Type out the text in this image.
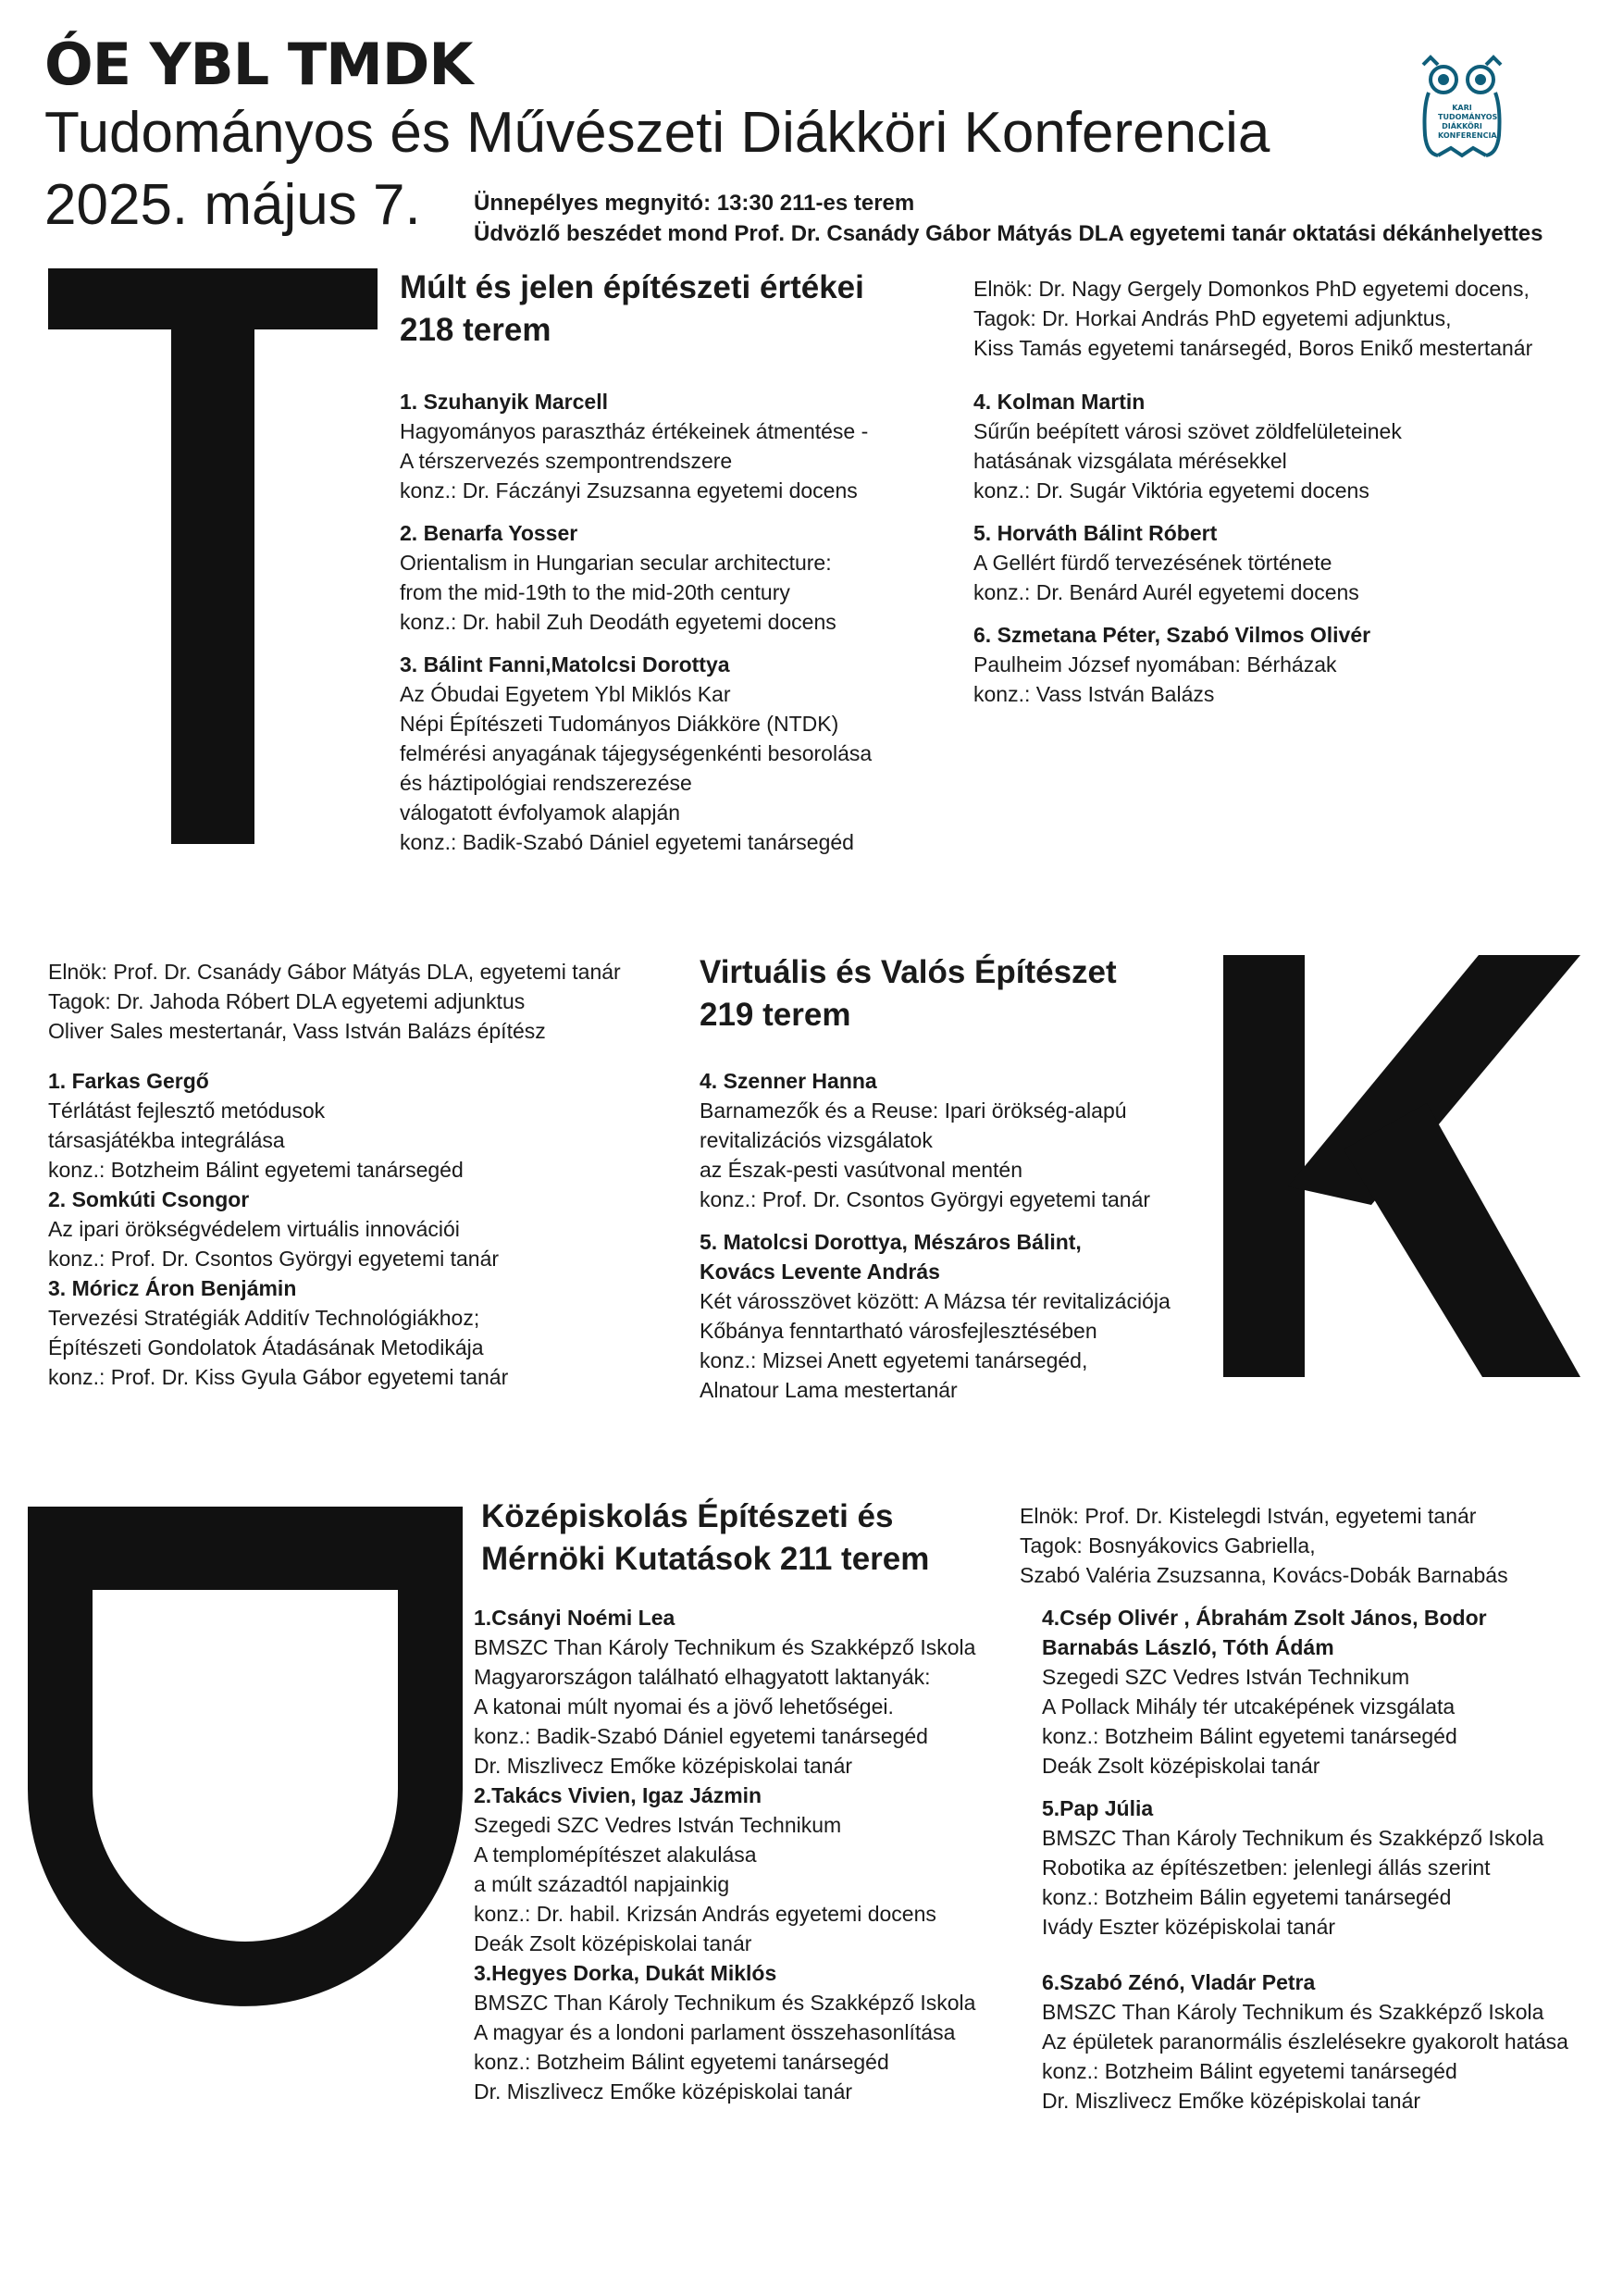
ÓE YBL TMDK
Tudományos és Művészeti Diákköri Konferencia
2025. május 7. Ünnepélyes megnyitó: 13:30 211-es terem
Üdvözlő beszédet mond Prof. Dr. Csanády Gábor Mátyás DLA egyetemi tanár oktatási dékánhelyettes
KARI
TUDOMÁNYOS
DIÁKKÖRI
KONFERENCIA
Múlt és jelen építészeti értékei
218 terem
Elnök: Dr. Nagy Gergely Domonkos PhD egyetemi docens,
Tagok: Dr. Horkai András PhD egyetemi adjunktus,
Kiss Tamás egyetemi tanársegéd, Boros Enikő mestertanár
1. Szuhanyik Marcell
Hagyományos parasztház értékeinek átmentése -
A térszervezés szempontrendszere
konz.: Dr. Fáczányi Zsuzsanna egyetemi docens
2. Benarfa Yosser
Orientalism in Hungarian secular architecture:
from the mid-19th to the mid-20th century
konz.: Dr. habil Zuh Deodáth egyetemi docens
3. Bálint Fanni,Matolcsi Dorottya
Az Óbudai Egyetem Ybl Miklós Kar
Népi Építészeti Tudományos Diákköre (NTDK)
felmérési anyagának tájegységenkénti besorolása
és háztipológiai rendszerezése
válogatott évfolyamok alapján
konz.: Badik-Szabó Dániel egyetemi tanársegéd
4. Kolman Martin
Sűrűn beépített városi szövet zöldfelületeinek
hatásának vizsgálata mérésekkel
konz.: Dr. Sugár Viktória egyetemi docens
5. Horváth Bálint Róbert
A Gellért fürdő tervezésének története
konz.: Dr. Benárd Aurél egyetemi docens
6. Szmetana Péter, Szabó Vilmos Olivér
Paulheim József nyomában: Bérházak
konz.: Vass István Balázs
Elnök: Prof. Dr. Csanády Gábor Mátyás DLA, egyetemi tanár
Tagok: Dr. Jahoda Róbert DLA egyetemi adjunktus
Oliver Sales mestertanár, Vass István Balázs építész
Virtuális és Valós Építészet
219 terem
1. Farkas Gergő
Térlátást fejlesztő metódusok
társasjátékba integrálása
konz.: Botzheim Bálint egyetemi tanársegéd
2. Somkúti Csongor
Az ipari örökségvédelem virtuális innovációi
konz.: Prof. Dr. Csontos Györgyi egyetemi tanár
3. Móricz Áron Benjámin
Tervezési Stratégiák Additív Technológiákhoz;
Építészeti Gondolatok Átadásának Metodikája
konz.: Prof. Dr. Kiss Gyula Gábor egyetemi tanár
4. Szenner Hanna
Barnamezők és a Reuse: Ipari örökség-alapú
revitalizációs vizsgálatok
az Észak-pesti vasútvonal mentén
konz.: Prof. Dr. Csontos Györgyi egyetemi tanár
5. Matolcsi Dorottya, Mészáros Bálint,
Kovács Levente András
Két városszövet között: A Mázsa tér revitalizációja
Kőbánya fenntartható városfejlesztésében
konz.: Mizsei Anett egyetemi tanársegéd,
Alnatour Lama mestertanár
Középiskolás Építészeti és
Mérnöki Kutatások 211 terem
Elnök: Prof. Dr. Kistelegdi István, egyetemi tanár
Tagok: Bosnyákovics Gabriella,
Szabó Valéria Zsuzsanna, Kovács-Dobák Barnabás
1.Csányi Noémi Lea
BMSZC Than Károly Technikum és Szakképző Iskola
Magyarországon található elhagyatott laktanyák:
A katonai múlt nyomai és a jövő lehetőségei.
konz.: Badik-Szabó Dániel egyetemi tanársegéd
Dr. Miszlivecz Emőke középiskolai tanár
2.Takács Vivien, Igaz Jázmin
Szegedi SZC Vedres István Technikum
A templomépítészet alakulása
a múlt századtól napjainkig
konz.: Dr. habil. Krizsán András egyetemi docens
Deák Zsolt középiskolai tanár
3.Hegyes Dorka, Dukát Miklós
BMSZC Than Károly Technikum és Szakképző Iskola
A magyar és a londoni parlament összehasonlítása
konz.: Botzheim Bálint egyetemi tanársegéd
Dr. Miszlivecz Emőke középiskolai tanár
4.Csép Olivér , Ábrahám Zsolt János, Bodor
Barnabás László, Tóth Ádám
Szegedi SZC Vedres István Technikum
A Pollack Mihály tér utcaképének vizsgálata
konz.: Botzheim Bálint egyetemi tanársegéd
Deák Zsolt középiskolai tanár
5.Pap Júlia
BMSZC Than Károly Technikum és Szakképző Iskola
Robotika az építészetben: jelenlegi állás szerint
konz.: Botzheim Bálin egyetemi tanársegéd
Ivády Eszter középiskolai tanár
6.Szabó Zénó, Vladár Petra
BMSZC Than Károly Technikum és Szakképző Iskola
Az épületek paranormális észlelésekre gyakorolt hatása
konz.: Botzheim Bálint egyetemi tanársegéd
Dr. Miszlivecz Emőke középiskolai tanár
